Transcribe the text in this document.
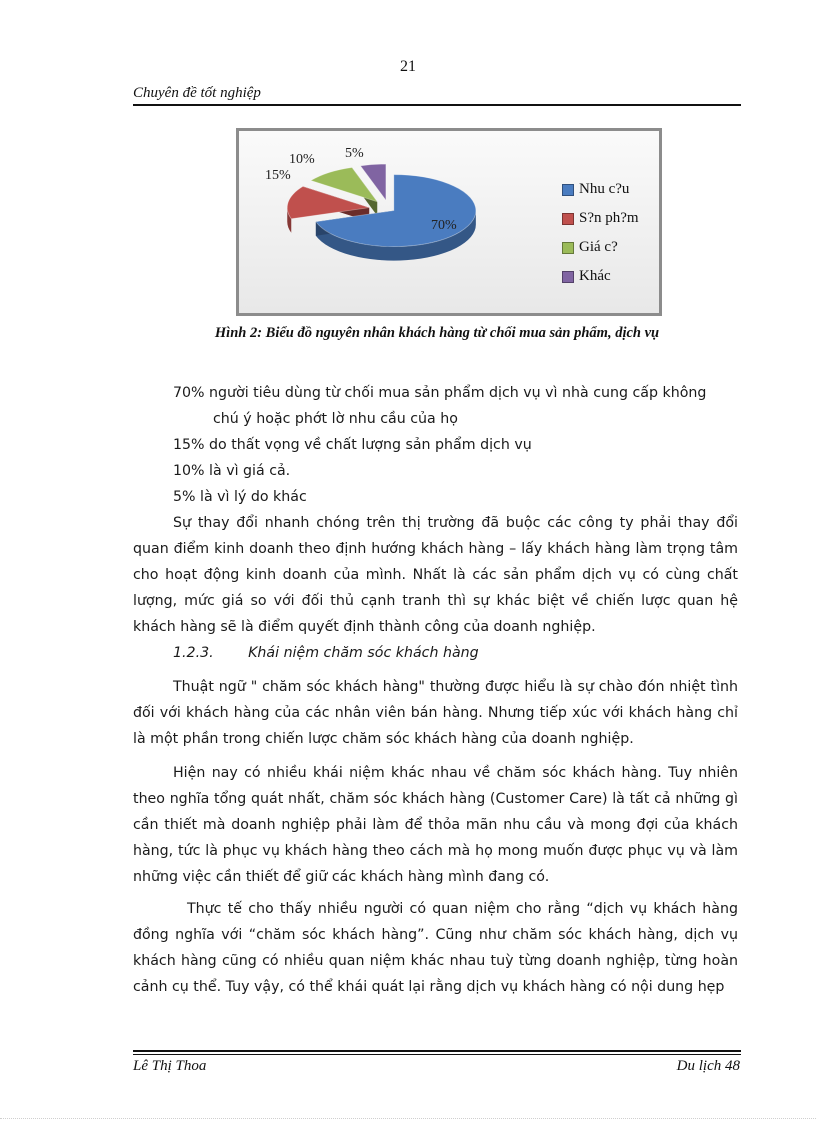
21
Chuyên đề tốt nghiệp
70%
15%
10% 5%
Nhu c?u
S?n ph?m
Giá c?
Khác
Hình 2: Biểu đồ nguyên nhân khách hàng từ chối mua sản phẩm, dịch vụ
70% người tiêu dùng từ chối mua sản phẩm dịch vụ vì nhà cung cấp không
chú ý hoặc phớt lờ nhu cầu của họ
15% do thất vọng về chất lượng sản phẩm dịch vụ
10% là vì giá cả.
5% là vì lý do khác
Sự thay đổi nhanh chóng trên thị trường đã buộc các công ty phải thay đổi quan điểm kinh doanh theo định hướng khách hàng – lấy khách hàng làm trọng tâm cho hoạt động kinh doanh của mình. Nhất là các sản phẩm dịch vụ có cùng chất lượng, mức giá so với đối thủ cạnh tranh thì sự khác biệt về chiến lược quan hệ khách hàng sẽ là điểm quyết định thành công của doanh nghiệp.
1.2.3. Khái niệm chăm sóc khách hàng
Thuật ngữ " chăm sóc khách hàng" thường được hiểu là sự chào đón nhiệt tình đối với khách hàng của các nhân viên bán hàng. Nhưng tiếp xúc với khách hàng chỉ là một phần trong chiến lược chăm sóc khách hàng của doanh nghiệp.
Hiện nay có nhiều khái niệm khác nhau về chăm sóc khách hàng. Tuy nhiên theo nghĩa tổng quát nhất, chăm sóc khách hàng (Customer Care) là tất cả những gì cần thiết mà doanh nghiệp phải làm để thỏa mãn nhu cầu và mong đợi của khách hàng, tức là phục vụ khách hàng theo cách mà họ mong muốn được phục vụ và làm những việc cần thiết để giữ các khách hàng mình đang có.
Thực tế cho thấy nhiều người có quan niệm cho rằng “dịch vụ khách hàng đồng nghĩa với “chăm sóc khách hàng”. Cũng như chăm sóc khách hàng, dịch vụ khách hàng cũng có nhiều quan niệm khác nhau tuỳ từng doanh nghiệp, từng hoàn cảnh cụ thể. Tuy vậy, có thể khái quát lại rằng dịch vụ khách hàng có nội dung hẹp
Lê Thị Thoa	Du lịch 48
